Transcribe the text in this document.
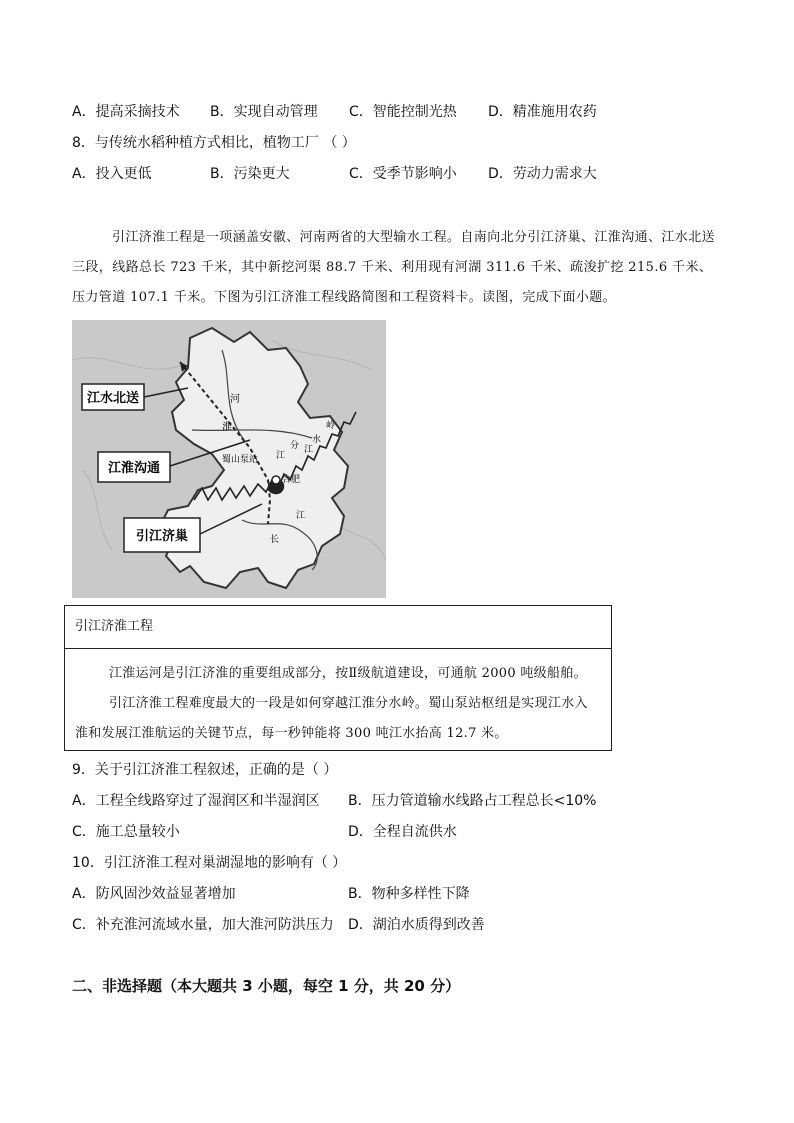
A．提高采摘技术 B．实现自动管理 C．智能控制光热 D．精准施用农药
8．与传统水稻种植方式相比，植物工厂 （ ）
A．投入更低	B．污染更大	C．受季节影响小 D．劳动力需求大
引江济淮工程是一项涵盖安徽、河南两省的大型输水工程。自南向北分引江济巢、江淮沟通、江水北送三段，线路总长 723 千米，其中新挖河渠 88.7 千米、利用现有河湖 311.6 千米、疏浚扩挖 215.6 千米、压力管道 107.1 千米。下图为引江济淮工程线路简图和工程资料卡。读图，完成下面小题。
江水北送
江淮沟通
引江济巢
河
淮
蜀山泵站
合肥
江
分
江
长
岭
水
江
引江济淮工程

江淮运河是引江济淮的重要组成部分，按Ⅱ级航道建设，可通航 2000 吨级船舶。

引江济淮工程难度最大的一段是如何穿越江淮分水岭。蜀山泵站枢纽是实现江水入淮和发展江淮航运的关键节点，每一秒钟能将 300 吨江水抬高 12.7 米。

9．关于引江济淮工程叙述，正确的是（ ）
A．工程全线路穿过了湿润区和半湿润区 B．压力管道输水线路占工程总长<10%
C．施工总量较小	D．全程自流供水
10．引江济淮工程对巢湖湿地的影响有（ ）
A．防风固沙效益显著增加	B．物种多样性下降
C．补充淮河流域水量，加大淮河防洪压力 D．湖泊水质得到改善
二、非选择题（本大题共 3 小题，每空 1 分，共 20 分）
